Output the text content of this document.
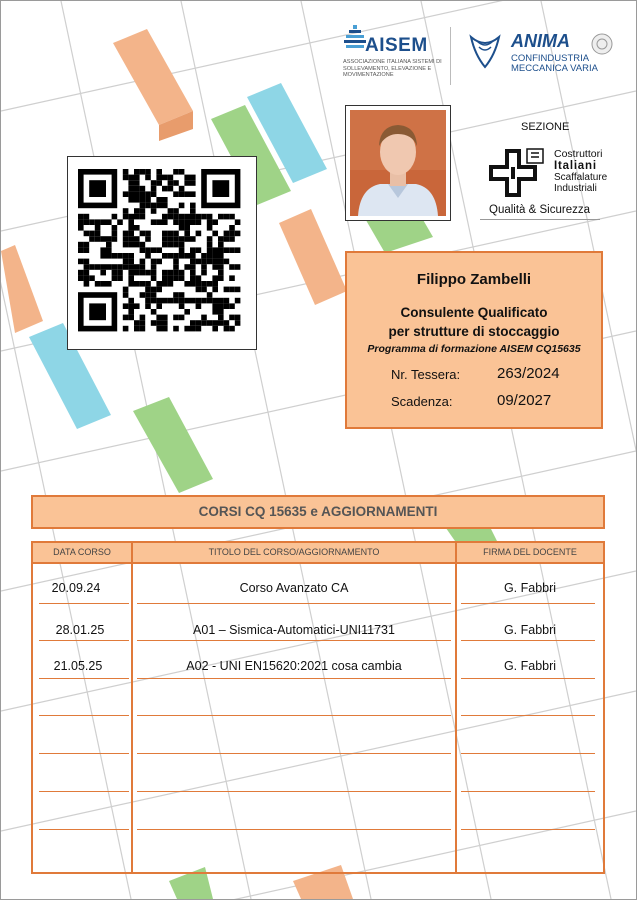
AISEM
ASSOCIAZIONE ITALIANA SISTEMI DI SOLLEVAMENTO, ELEVAZIONE E MOVIMENTAZIONE
ANIMA
CONFINDUSTRIA
MECCANICA VARIA
SEZIONE
Costruttori
Italiani
Scaffalature
Industriali
Qualità & Sicurezza
Filippo Zambelli
Consulente Qualificato
per strutture di stoccaggio
Programma di formazione AISEM CQ15635
Nr. Tessera: 263/2024
Scadenza:	09/2027
CORSI CQ 15635 e AGGIORNAMENTI
DATA CORSO	TITOLO DEL CORSO/AGGIORNAMENTO	FIRMA DEL DOCENTE
20.09.24	Corso Avanzato CA	G. Fabbri
28.01.25	A01 – Sismica-Automatici-UNI11731	G. Fabbri
21.05.25	A02 - UNI EN15620:2021 cosa cambia	G. Fabbri
